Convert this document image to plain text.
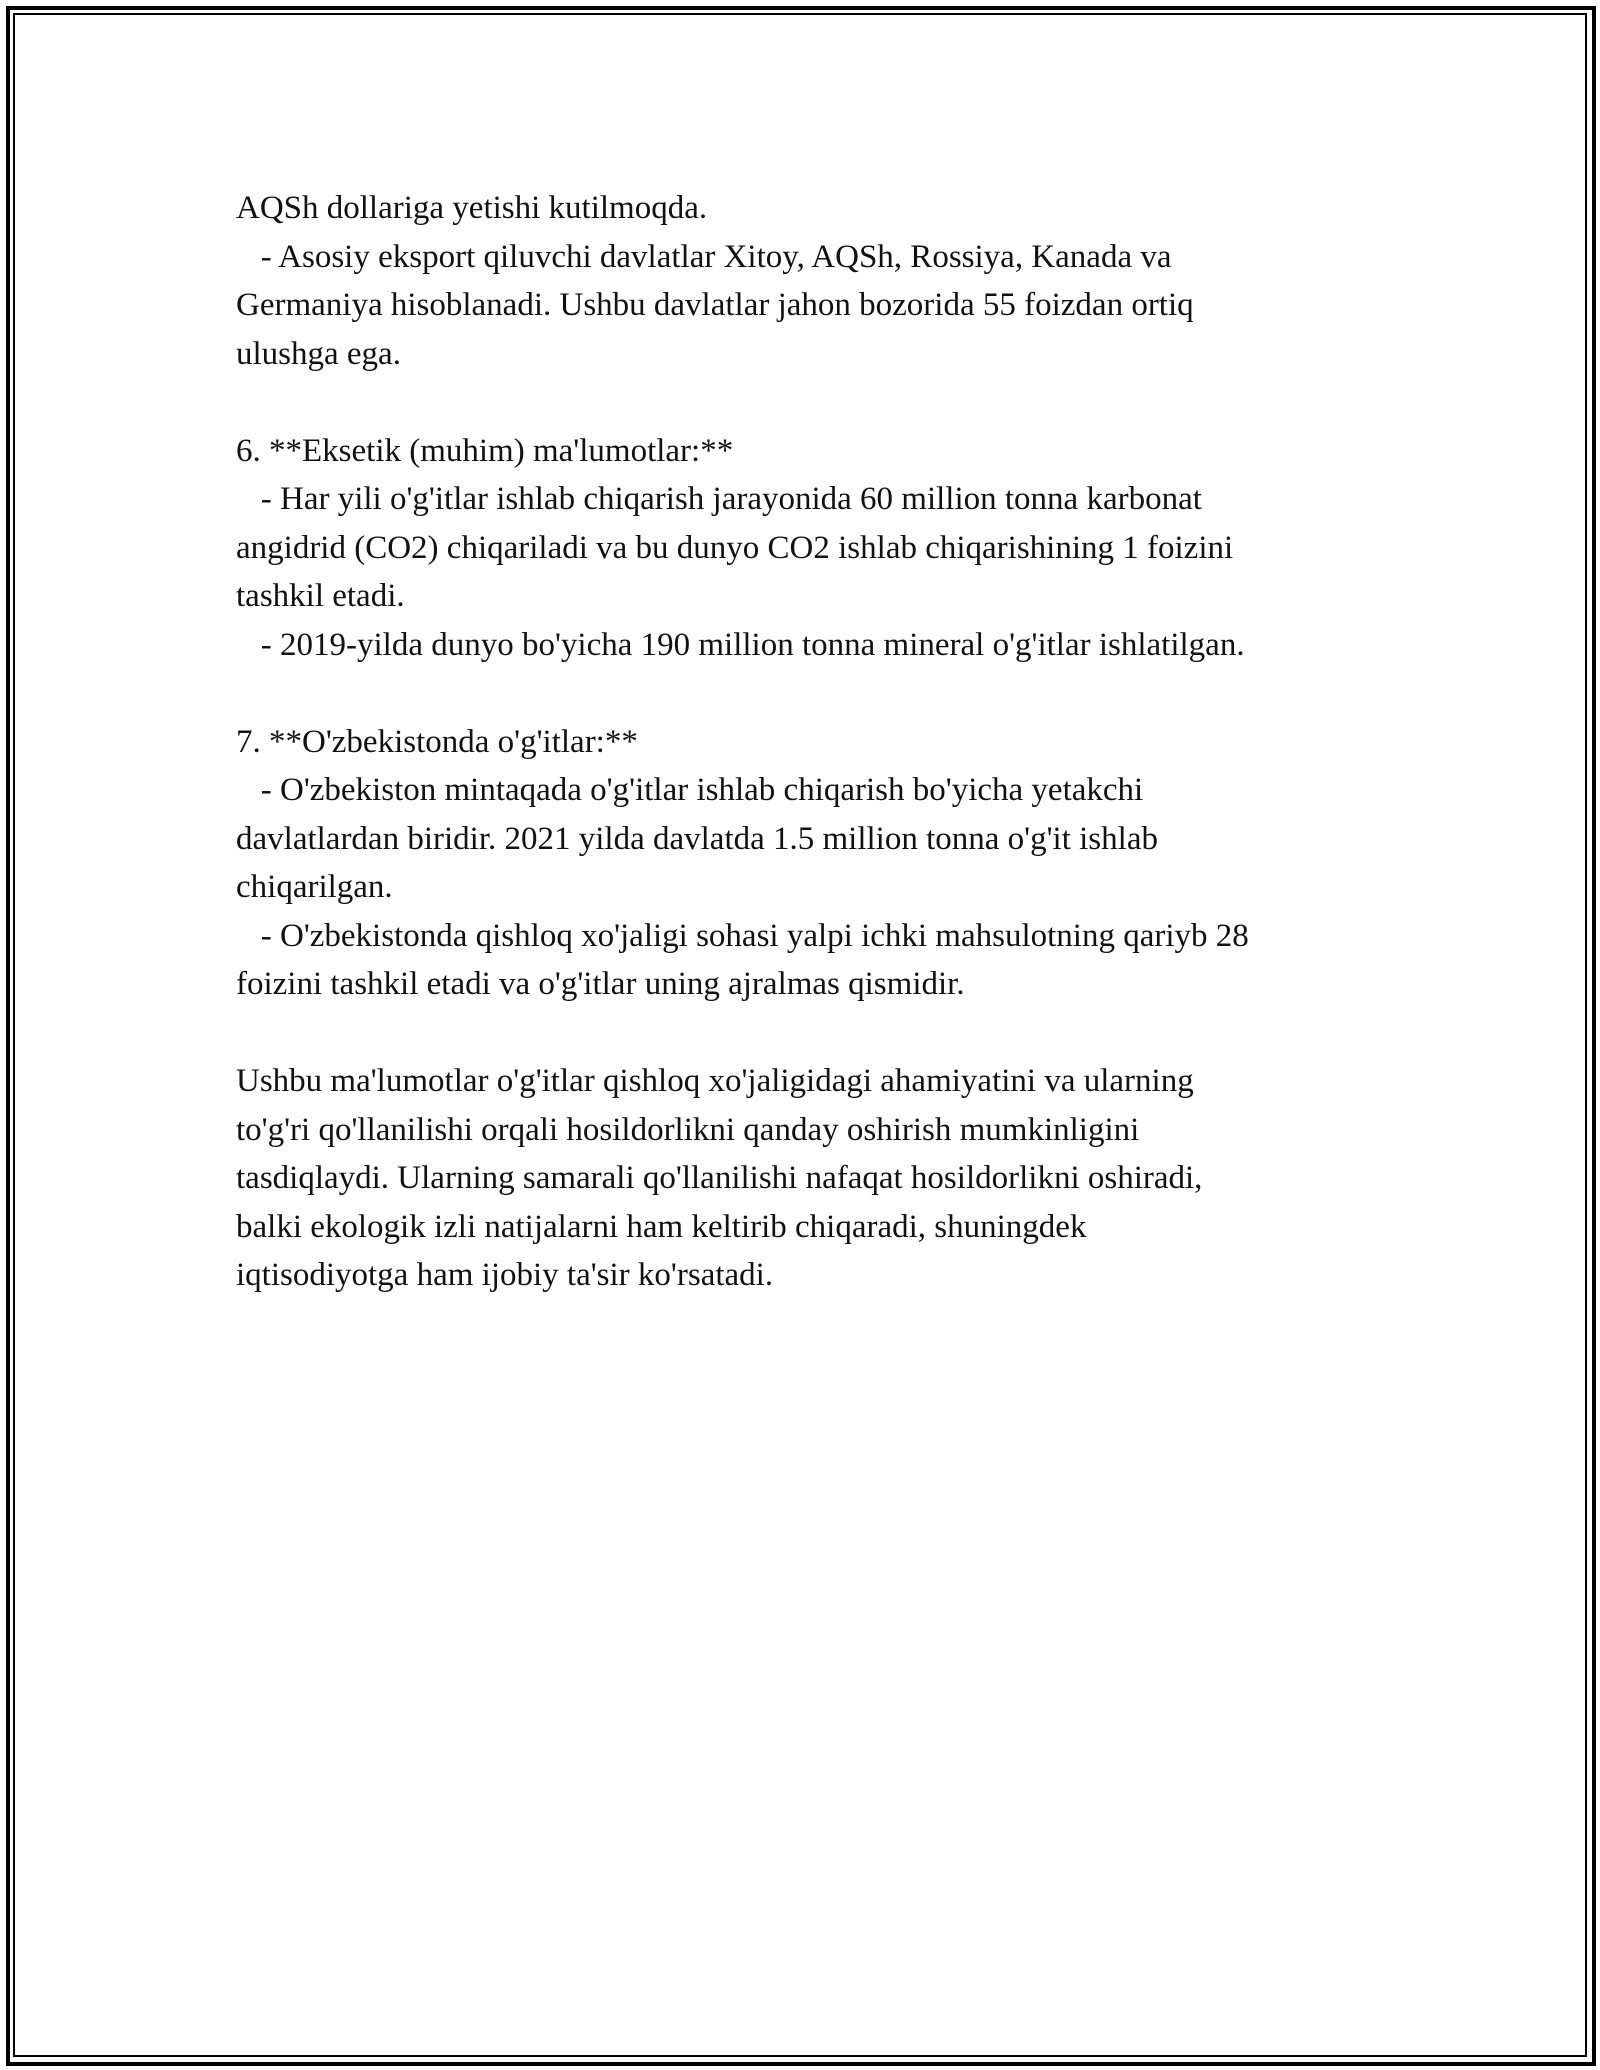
AQSh dollariga yetishi kutilmoqda.
- Asosiy eksport qiluvchi davlatlar Xitoy, AQSh, Rossiya, Kanada va
Germaniya hisoblanadi. Ushbu davlatlar jahon bozorida 55 foizdan ortiq
ulushga ega.
6. **Eksetik (muhim) ma'lumotlar:**
- Har yili o'g'itlar ishlab chiqarish jarayonida 60 million tonna karbonat
angidrid (CO2) chiqariladi va bu dunyo CO2 ishlab chiqarishining 1 foizini
tashkil etadi.
- 2019-yilda dunyo bo'yicha 190 million tonna mineral o'g'itlar ishlatilgan.
7. **O'zbekistonda o'g'itlar:**
- O'zbekiston mintaqada o'g'itlar ishlab chiqarish bo'yicha yetakchi
davlatlardan biridir. 2021 yilda davlatda 1.5 million tonna o'g'it ishlab
chiqarilgan.
- O'zbekistonda qishloq xo'jaligi sohasi yalpi ichki mahsulotning qariyb 28
foizini tashkil etadi va o'g'itlar uning ajralmas qismidir.
Ushbu ma'lumotlar o'g'itlar qishloq xo'jaligidagi ahamiyatini va ularning
to'g'ri qo'llanilishi orqali hosildorlikni qanday oshirish mumkinligini
tasdiqlaydi. Ularning samarali qo'llanilishi nafaqat hosildorlikni oshiradi,
balki ekologik izli natijalarni ham keltirib chiqaradi, shuningdek
iqtisodiyotga ham ijobiy ta'sir ko'rsatadi.
